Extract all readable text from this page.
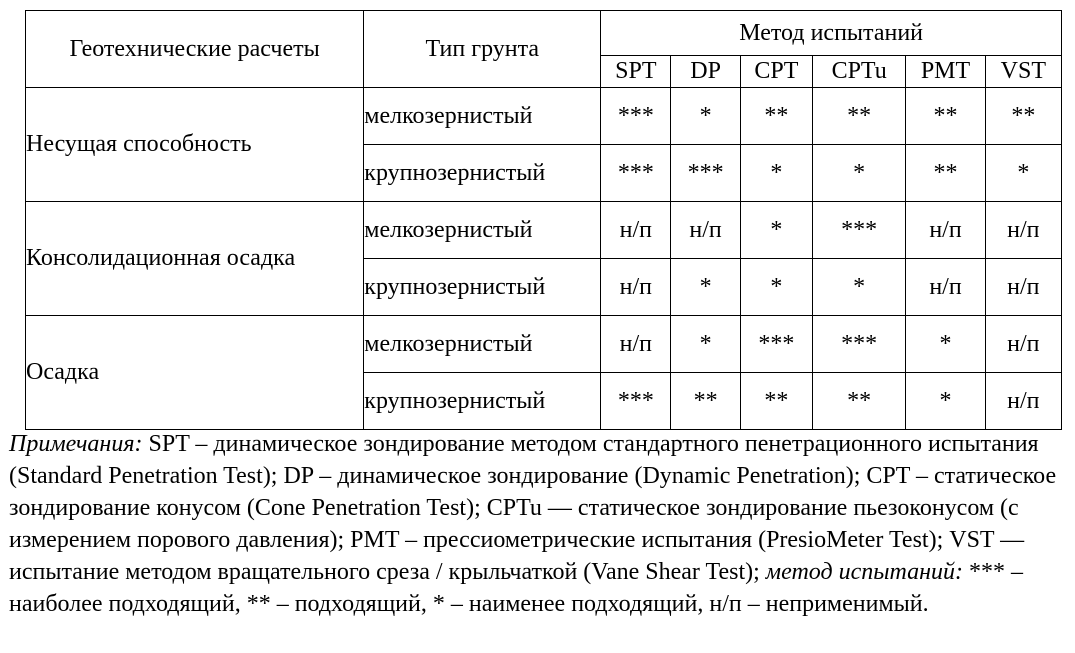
Геотехнические расчеты	Тип грунта	Метод испытаний					
		SPT	DP	CPT	CPTu	PMT	VST
Несущая способность	мелкозернистый	***	*	**	**	**	**
	крупнозернистый	***	***	*	*	**	*
Консолидационная осадка	мелкозернистый	н/п	н/п	*	***	н/п	н/п
	крупнозернистый	н/п	*	*	*	н/п	н/п
Осадка	мелкозернистый	н/п	*	***	***	*	н/п
	крупнозернистый	***	**	**	**	*	н/п
Примечания: SPT – динамическое зондирование методом стандартного пенетрационного испытания (Standard Penetration Test); DP – динамическое зондирование (Dynamic Penetration); CPT – статическое зондирование конусом (Cone Penetration Test); CPTu — статическое зондирование пьезоконусом (с измерением порового давления); PMT – прессиометрические испытания (PresioMeter Test); VST — испытание методом вращательного среза / крыльчаткой (Vane Shear Test); метод испытаний: *** – наиболее подходящий, ** – подходящий, * – наименее подходящий, н/п – неприменимый.
